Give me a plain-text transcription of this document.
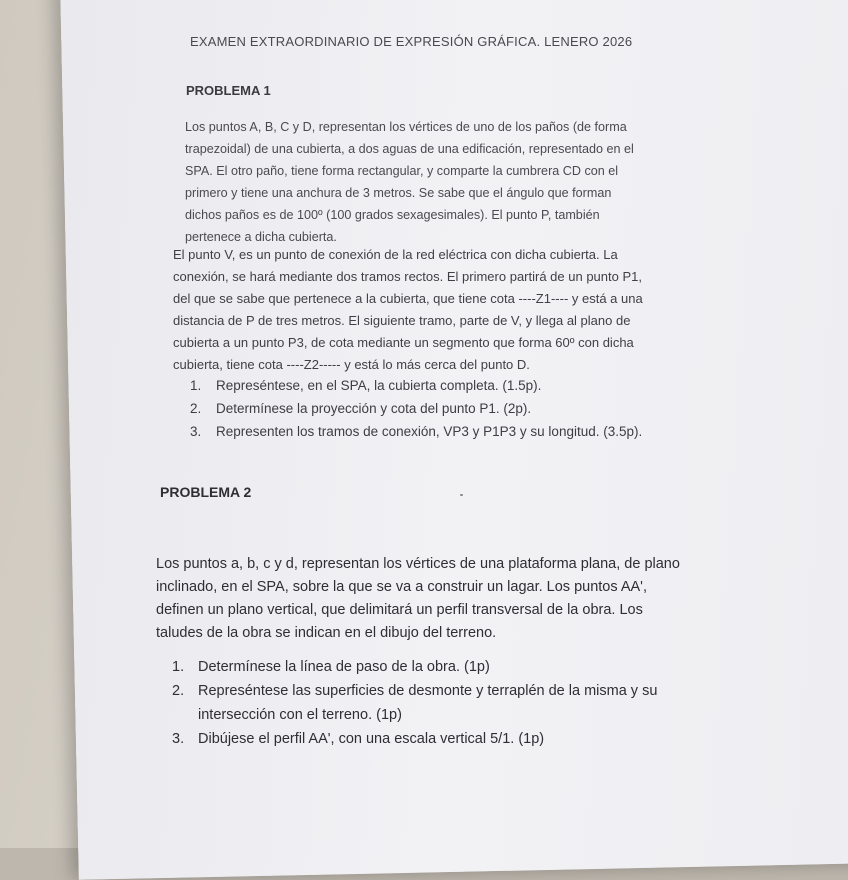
EXAMEN EXTRAORDINARIO DE EXPRESIÓN GRÁFICA. LENERO 2026
PROBLEMA 1
Los puntos A, B, C y D, representan los vértices de uno de los paños (de forma
trapezoidal) de una cubierta, a dos aguas de una edificación, representado en el
SPA. El otro paño, tiene forma rectangular, y comparte la cumbrera CD con el
primero y tiene una anchura de 3 metros. Se sabe que el ángulo que forman
dichos paños es de 100º (100 grados sexagesimales). El punto P, también
pertenece a dicha cubierta.
El punto V, es un punto de conexión de la red eléctrica con dicha cubierta. La
conexión, se hará mediante dos tramos rectos. El primero partirá de un punto P1,
del que se sabe que pertenece a la cubierta, que tiene cota ----Z1---- y está a una
distancia de P de tres metros. El siguiente tramo, parte de V, y llega al plano de
cubierta a un punto P3, de cota mediante un segmento que forma 60º con dicha
cubierta, tiene cota ----Z2----- y está lo más cerca del punto D.
1. Represéntese, en el SPA, la cubierta completa. (1.5p).
2. Determínese la proyección y cota del punto P1. (2p).
3. Representen los tramos de conexión, VP3 y P1P3 y su longitud. (3.5p).
PROBLEMA 2
Los puntos a, b, c y d, representan los vértices de una plataforma plana, de plano
inclinado, en el SPA, sobre la que se va a construir un lagar. Los puntos AA',
definen un plano vertical, que delimitará un perfil transversal de la obra. Los
taludes de la obra se indican en el dibujo del terreno.
1. Determínese la línea de paso de la obra. (1p)
2. Represéntese las superficies de desmonte y terraplén de la misma y su
intersección con el terreno. (1p)
3. Dibújese el perfil AA', con una escala vertical 5/1. (1p)
